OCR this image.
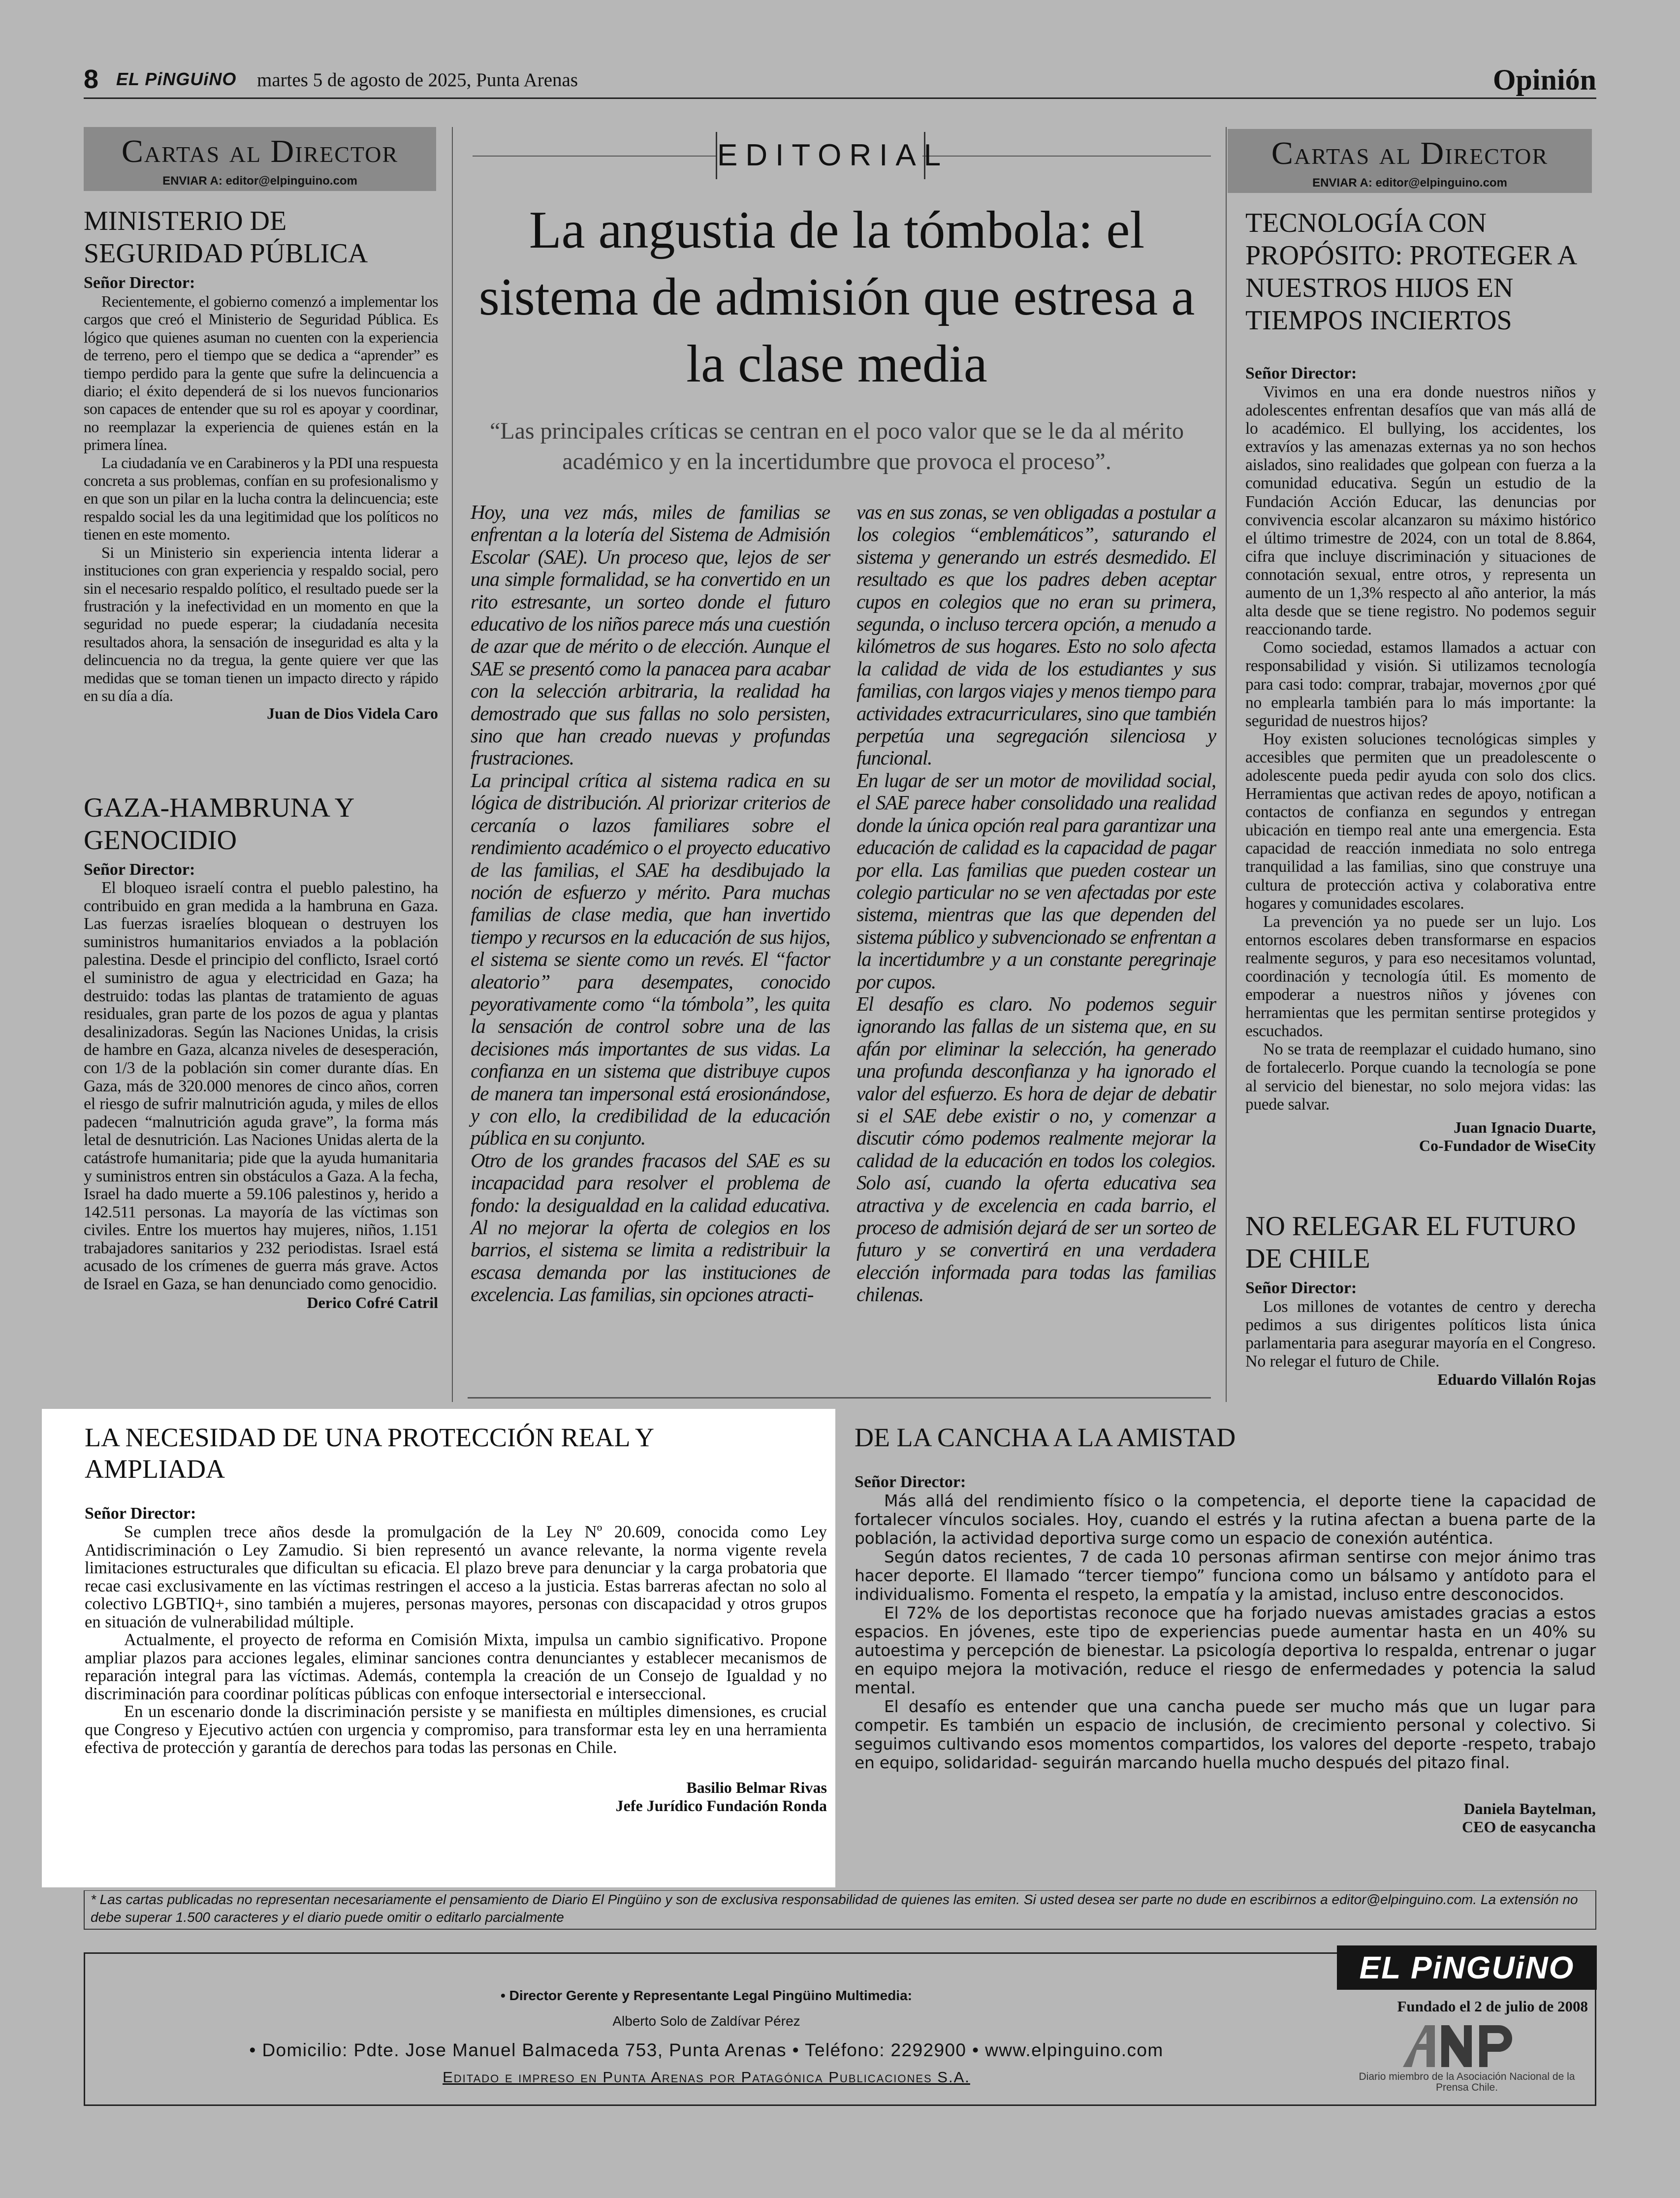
8 EL PiNGUiNO martes 5 de agosto de 2025, Punta Arenas	Opinión
Cartas al Director
ENVIAR A: editor@elpinguino.com
MINISTERIO DE SEGURIDAD PÚBLICA
Señor Director:

Recientemente, el gobierno comenzó a implementar los cargos que creó el Ministerio de Seguridad Pública. Es lógico que quienes asuman no cuenten con la experiencia de terreno, pero el tiempo que se dedica a “aprender” es tiempo perdido para la gente que sufre la delincuencia a diario; el éxito dependerá de si los nuevos funcionarios son capaces de entender que su rol es apoyar y coordinar, no reemplazar la experiencia de quienes están en la primera línea.

La ciudadanía ve en Carabineros y la PDI una respuesta concreta a sus problemas, confían en su profesionalismo y en que son un pilar en la lucha contra la delincuencia; este respaldo social les da una legitimidad que los políticos no tienen en este momento.

Si un Ministerio sin experiencia intenta liderar a instituciones con gran experiencia y respaldo social, pero sin el necesario respaldo político, el resultado puede ser la frustración y la inefectividad en un momento en que la seguridad no puede esperar; la ciudadanía necesita resultados ahora, la sensación de inseguridad es alta y la delincuencia no da tregua, la gente quiere ver que las medidas que se toman tienen un impacto directo y rápido en su día a día.

Juan de Dios Videla Caro
GAZA-HAMBRUNA Y GENOCIDIO
Señor Director:

El bloqueo israelí contra el pueblo palestino, ha contribuido en gran medida a la hambruna en Gaza. Las fuerzas israelíes bloquean o destruyen los suministros humanitarios enviados a la población palestina. Desde el principio del conflicto, Israel cortó el suministro de agua y electricidad en Gaza; ha destruido: todas las plantas de tratamiento de aguas residuales, gran parte de los pozos de agua y plantas desalinizadoras. Según las Naciones Unidas, la crisis de hambre en Gaza, alcanza niveles de desesperación, con 1/3 de la población sin comer durante días. En Gaza, más de 320.000 menores de cinco años, corren el riesgo de sufrir malnutrición aguda, y miles de ellos padecen “malnutrición aguda grave”, la forma más letal de desnutrición. Las Naciones Unidas alerta de la catástrofe humanitaria; pide que la ayuda humanitaria y suministros entren sin obstáculos a Gaza. A la fecha, Israel ha dado muerte a 59.106 palestinos y, herido a 142.511 personas. La mayoría de las víctimas son civiles. Entre los muertos hay mujeres, niños, 1.151 trabajadores sanitarios y 232 periodistas. Israel está acusado de los crímenes de guerra más grave. Actos de Israel en Gaza, se han denunciado como genocidio.

Derico Cofré Catril
EDITORIAL
La angustia de la tómbola: el sistema de admisión que estresa a la clase media
“Las principales críticas se centran en el poco valor que se le da al mérito académico y en la incertidumbre que provoca el proceso”.

Hoy, una vez más, miles de familias se enfrentan a la lotería del Sistema de Admisión Escolar (SAE). Un proceso que, lejos de ser una simple formalidad, se ha convertido en un rito estresante, un sorteo donde el futuro educativo de los niños parece más una cuestión de azar que de mérito o de elección. Aunque el SAE se presentó como la panacea para acabar con la selección arbitraria, la realidad ha demostrado que sus fallas no solo persisten, sino que han creado nuevas y profundas frustraciones.

La principal crítica al sistema radica en su lógica de distribución. Al priorizar criterios de cercanía o lazos familiares sobre el rendimiento académico o el proyecto educativo de las familias, el SAE ha desdibujado la noción de esfuerzo y mérito. Para muchas familias de clase media, que han invertido tiempo y recursos en la educación de sus hijos, el sistema se siente como un revés. El “factor aleatorio” para desempates, conocido peyorativamente como “la tómbola”, les quita la sensación de control sobre una de las decisiones más importantes de sus vidas. La confianza en un sistema que distribuye cupos de manera tan impersonal está erosionándose, y con ello, la credibilidad de la educación pública en su conjunto.

Otro de los grandes fracasos del SAE es su incapacidad para resolver el problema de fondo: la desigualdad en la calidad educativa. Al no mejorar la oferta de colegios en los barrios, el sistema se limita a redistribuir la escasa demanda por las instituciones de excelencia. Las familias, sin opciones atracti-

vas en sus zonas, se ven obligadas a postular a los colegios “emblemáticos”, saturando el sistema y generando un estrés desmedido. El resultado es que los padres deben aceptar cupos en colegios que no eran su primera, segunda, o incluso tercera opción, a menudo a kilómetros de sus hogares. Esto no solo afecta la calidad de vida de los estudiantes y sus familias, con largos viajes y menos tiempo para actividades extracurriculares, sino que también perpetúa una segregación silenciosa y funcional.

En lugar de ser un motor de movilidad social, el SAE parece haber consolidado una realidad donde la única opción real para garantizar una educación de calidad es la capacidad de pagar por ella. Las familias que pueden costear un colegio particular no se ven afectadas por este sistema, mientras que las que dependen del sistema público y subvencionado se enfrentan a la incertidumbre y a un constante peregrinaje por cupos.

El desafío es claro. No podemos seguir ignorando las fallas de un sistema que, en su afán por eliminar la selección, ha generado una profunda desconfianza y ha ignorado el valor del esfuerzo. Es hora de dejar de debatir si el SAE debe existir o no, y comenzar a discutir cómo podemos realmente mejorar la calidad de la educación en todos los colegios. Solo así, cuando la oferta educativa sea atractiva y de excelencia en cada barrio, el proceso de admisión dejará de ser un sorteo de futuro y se convertirá en una verdadera elección informada para todas las familias chilenas.

Cartas al Director
ENVIAR A: editor@elpinguino.com
TECNOLOGÍA CON PROPÓSITO: PROTEGER A NUESTROS HIJOS EN TIEMPOS INCIERTOS
Señor Director:

Vivimos en una era donde nuestros niños y adolescentes enfrentan desafíos que van más allá de lo académico. El bullying, los accidentes, los extravíos y las amenazas externas ya no son hechos aislados, sino realidades que golpean con fuerza a la comunidad educativa. Según un estudio de la Fundación Acción Educar, las denuncias por convivencia escolar alcanzaron su máximo histórico el último trimestre de 2024, con un total de 8.864, cifra que incluye discriminación y situaciones de connotación sexual, entre otros, y representa un aumento de un 1,3% respecto al año anterior, la más alta desde que se tiene registro. No podemos seguir reaccionando tarde.

Como sociedad, estamos llamados a actuar con responsabilidad y visión. Si utilizamos tecnología para casi todo: comprar, trabajar, movernos ¿por qué no emplearla también para lo más importante: la seguridad de nuestros hijos?

Hoy existen soluciones tecnológicas simples y accesibles que permiten que un preadolescente o adolescente pueda pedir ayuda con solo dos clics. Herramientas que activan redes de apoyo, notifican a contactos de confianza en segundos y entregan ubicación en tiempo real ante una emergencia. Esta capacidad de reacción inmediata no solo entrega tranquilidad a las familias, sino que construye una cultura de protección activa y colaborativa entre hogares y comunidades escolares.

La prevención ya no puede ser un lujo. Los entornos escolares deben transformarse en espacios realmente seguros, y para eso necesitamos voluntad, coordinación y tecnología útil. Es momento de empoderar a nuestros niños y jóvenes con herramientas que les permitan sentirse protegidos y escuchados.

No se trata de reemplazar el cuidado humano, sino de fortalecerlo. Porque cuando la tecnología se pone al servicio del bienestar, no solo mejora vidas: las puede salvar.

Juan Ignacio Duarte,
Co-Fundador de WiseCity
NO RELEGAR EL FUTURO DE CHILE
Señor Director:

Los millones de votantes de centro y derecha pedimos a sus dirigentes políticos lista única parlamentaria para asegurar mayoría en el Congreso. No relegar el futuro de Chile.

Eduardo Villalón Rojas
LA NECESIDAD DE UNA PROTECCIÓN REAL Y AMPLIADA
Señor Director:

Se cumplen trece años desde la promulgación de la Ley Nº 20.609, conocida como Ley Antidiscriminación o Ley Zamudio. Si bien representó un avance relevante, la norma vigente revela limitaciones estructurales que dificultan su eficacia. El plazo breve para denunciar y la carga probatoria que recae casi exclusivamente en las víctimas restringen el acceso a la justicia. Estas barreras afectan no solo al colectivo LGBTIQ+, sino también a mujeres, personas mayores, personas con discapacidad y otros grupos en situación de vulnerabilidad múltiple.

Actualmente, el proyecto de reforma en Comisión Mixta, impulsa un cambio significativo. Propone ampliar plazos para acciones legales, eliminar sanciones contra denunciantes y establecer mecanismos de reparación integral para las víctimas. Además, contempla la creación de un Consejo de Igualdad y no discriminación para coordinar políticas públicas con enfoque intersectorial e interseccional.

En un escenario donde la discriminación persiste y se manifiesta en múltiples dimensiones, es crucial que Congreso y Ejecutivo actúen con urgencia y compromiso, para transformar esta ley en una herramienta efectiva de protección y garantía de derechos para todas las personas en Chile.

Basilio Belmar Rivas
Jefe Jurídico Fundación Ronda
DE LA CANCHA A LA AMISTAD
Señor Director:

Más allá del rendimiento físico o la competencia, el deporte tiene la capacidad de fortalecer vínculos sociales. Hoy, cuando el estrés y la rutina afectan a buena parte de la población, la actividad deportiva surge como un espacio de conexión auténtica.

Según datos recientes, 7 de cada 10 personas afirman sentirse con mejor ánimo tras hacer deporte. El llamado “tercer tiempo” funciona como un bálsamo y antídoto para el individualismo. Fomenta el respeto, la empatía y la amistad, incluso entre desconocidos.

El 72% de los deportistas reconoce que ha forjado nuevas amistades gracias a estos espacios. En jóvenes, este tipo de experiencias puede aumentar hasta en un 40% su autoestima y percepción de bienestar. La psicología deportiva lo respalda, entrenar o jugar en equipo mejora la motivación, reduce el riesgo de enfermedades y potencia la salud mental.

El desafío es entender que una cancha puede ser mucho más que un lugar para competir. Es también un espacio de inclusión, de crecimiento personal y colectivo. Si seguimos cultivando esos momentos compartidos, los valores del deporte -respeto, trabajo en equipo, solidaridad- seguirán marcando huella mucho después del pitazo final.

Daniela Baytelman,
CEO de easycancha
* Las cartas publicadas no representan necesariamente el pensamiento de Diario El Pingüino y son de exclusiva responsabilidad de quienes las emiten. Si usted desea ser parte no dude en escribirnos a editor@elpinguino.com. La extensión no debe superar 1.500 caracteres y el diario puede omitir o editarlo parcialmente
• Director Gerente y Representante Legal Pingüino Multimedia:
Alberto Solo de Zaldívar Pérez
• Domicilio: Pdte. Jose Manuel Balmaceda 753, Punta Arenas • Teléfono: 2292900 • www.elpinguino.com
Editado e impreso en Punta Arenas por Patagónica Publicaciones S.A.
EL PiNGUiNO
Fundado el 2 de julio de 2008
ANP
Diario miembro de la Asociación Nacional de la Prensa Chile.
